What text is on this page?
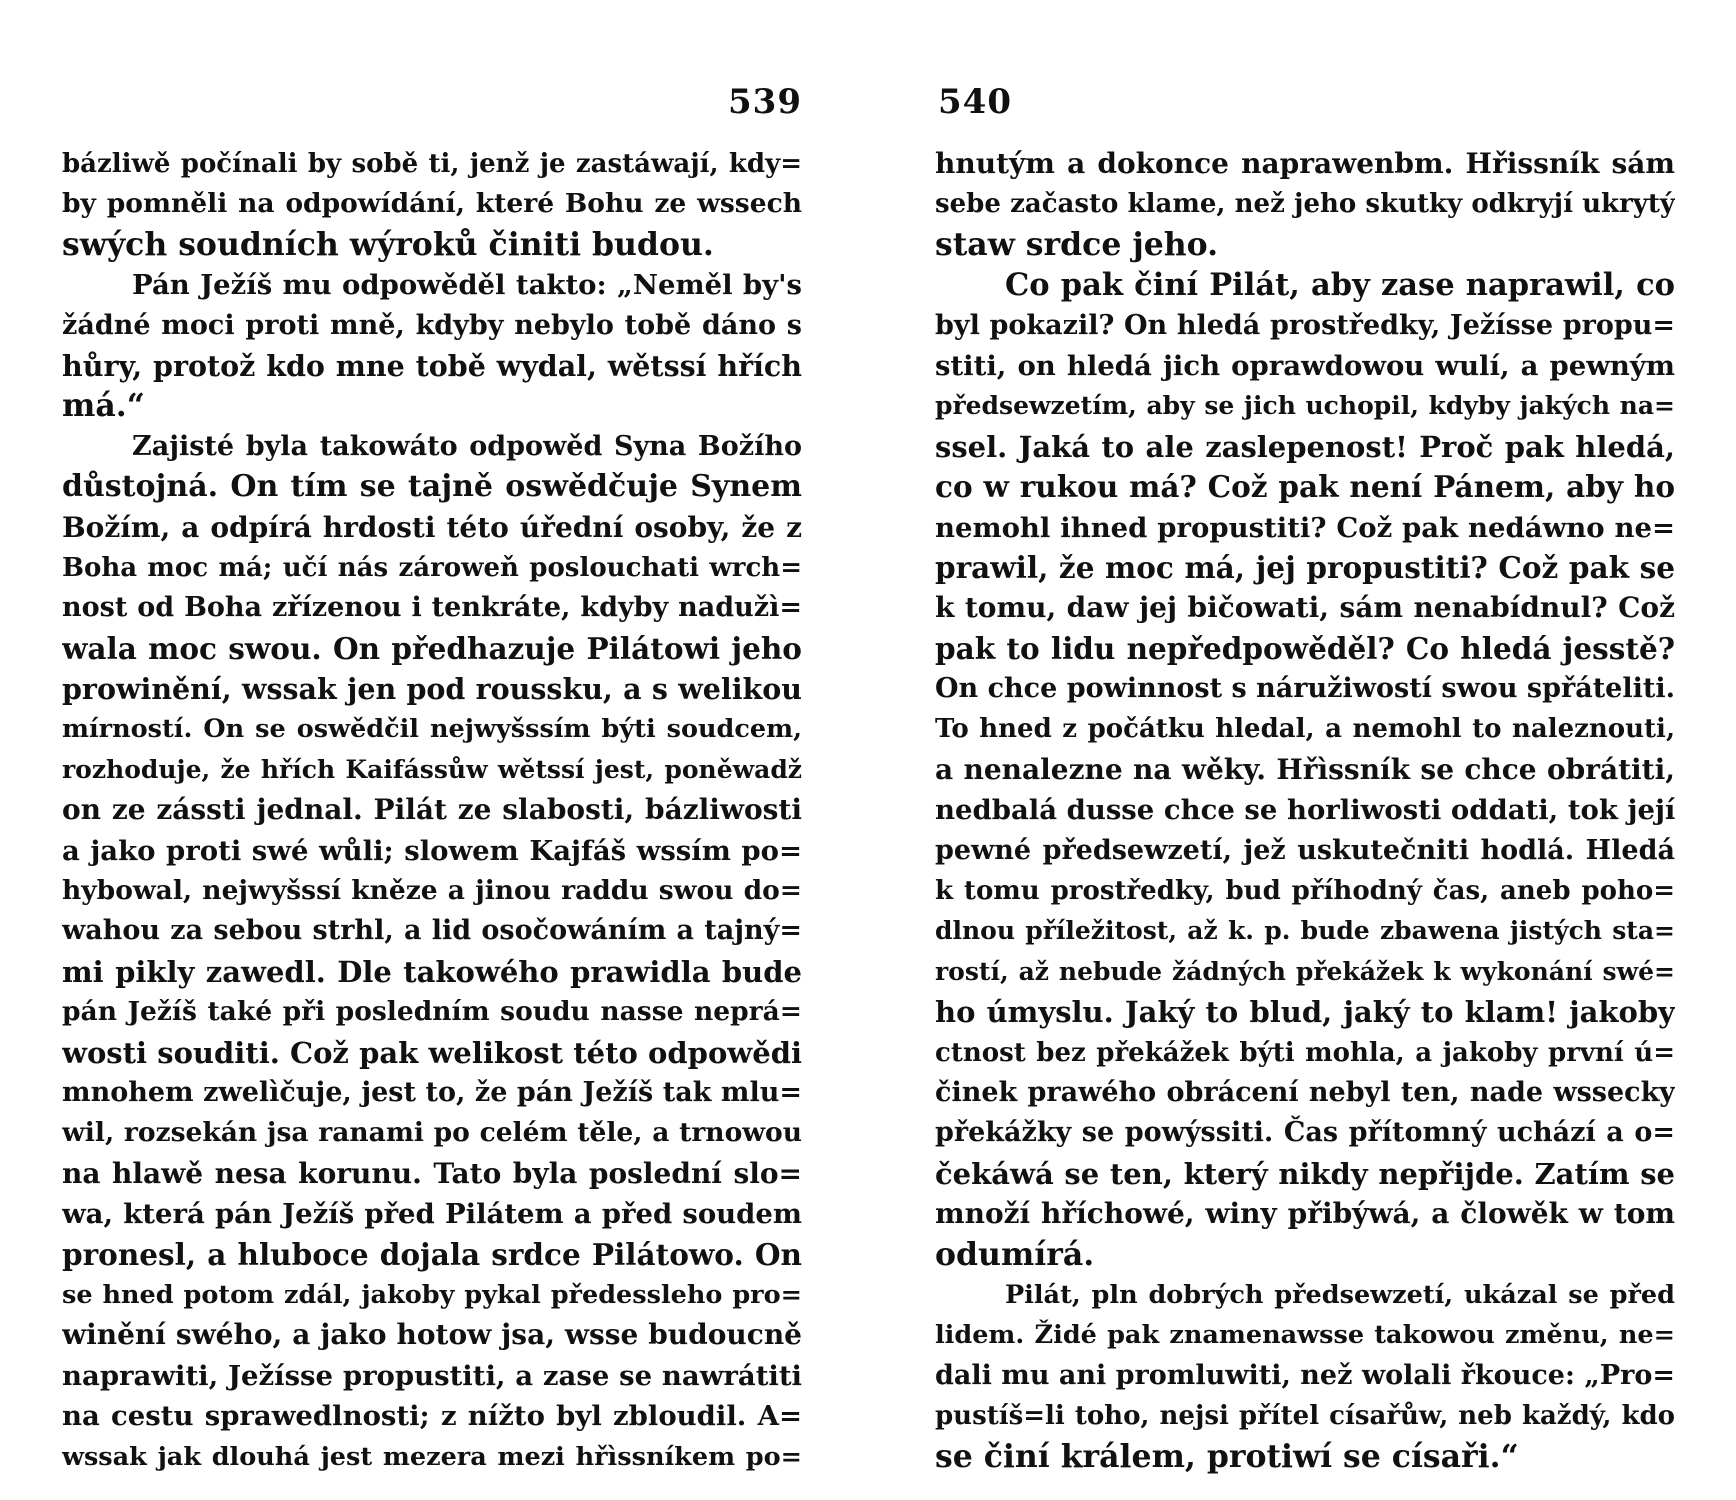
539
bázliwě počínali by sobě ti, jenž je zastáwají, kdy=
by pomněli na odpowídání, které Bohu ze wssech
swých soudních wýroků činiti budou.
Pán Ježíš mu odpowěděl takto: „Neměl by's
žádné moci proti mně, kdyby nebylo tobě dáno s
hůry, protož kdo mne tobě wydal, wětssí hřích
má.“
Zajisté byla takowáto odpowěd Syna Božího
důstojná. On tím se tajně oswědčuje Synem
Božím, a odpírá hrdosti této úřední osoby, že z
Boha moc má; učí nás zároweň poslouchati wrch=
nost od Boha zřízenou i tenkráte, kdyby nadužì=
wala moc swou. On předhazuje Pilátowi jeho
prowinění, wssak jen pod roussku, a s welikou
mírností. On se oswědčil nejwyšssím býti soudcem,
rozhoduje, že hřích Kaifássůw wětssí jest, poněwadž
on ze zássti jednal. Pilát ze slabosti, bázliwosti
a jako proti swé wůli; slowem Kajfáš wssím po=
hybowal, nejwyšssí kněze a jinou raddu swou do=
wahou za sebou strhl, a lid osočowáním a tajný=
mi pikly zawedl. Dle takowého prawidla bude
pán Ježíš také při posledním soudu nasse neprá=
wosti souditi. Což pak welikost této odpowědi
mnohem zwelìčuje, jest to, že pán Ježíš tak mlu=
wil, rozsekán jsa ranami po celém těle, a trnowou
na hlawě nesa korunu. Tato byla poslední slo=
wa, která pán Ježíš před Pilátem a před soudem
pronesl, a hluboce dojala srdce Pilátowo. On
se hned potom zdál, jakoby pykal předessleho pro=
winění swého, a jako hotow jsa, wsse budoucně
naprawiti, Ježísse propustiti, a zase se nawrátiti
na cestu sprawedlnosti; z nížto byl zbloudil. A=
wssak jak dlouhá jest mezera mezi hřìssníkem po=
540
hnutým a dokonce naprawenbm. Hřissník sám
sebe začasto klame, než jeho skutky odkryjí ukrytý
staw srdce jeho.
Co pak činí Pilát, aby zase naprawil, co
byl pokazil? On hledá prostředky, Ježísse propu=
stiti, on hledá jich oprawdowou wulí, a pewným
předsewzetím, aby se jich uchopil, kdyby jakých na=
ssel. Jaká to ale zaslepenost! Proč pak hledá,
co w rukou má? Což pak není Pánem, aby ho
nemohl ihned propustiti? Což pak nedáwno ne=
prawil, že moc má, jej propustiti? Což pak se
k tomu, daw jej bičowati, sám nenabídnul? Což
pak to lidu nepředpowěděl? Co hledá jesstě?
On chce powinnost s náružiwostí swou spřáteliti.
To hned z počátku hledal, a nemohl to naleznouti,
a nenalezne na wěky. Hřìssník se chce obrátiti,
nedbalá dusse chce se horliwosti oddati, tok její
pewné předsewzetí, jež uskutečniti hodlá. Hledá
k tomu prostředky, bud příhodný čas, aneb poho=
dlnou příležitost, až k. p. bude zbawena jistých sta=
rostí, až nebude žádných překážek k wykonání swé=
ho úmyslu. Jaký to blud, jaký to klam! jakoby
ctnost bez překážek býti mohla, a jakoby první ú=
činek prawého obrácení nebyl ten, nade wssecky
překážky se powýssiti. Čas přítomný uchází a o=
čekáwá se ten, který nikdy nepřijde. Zatím se
množí hříchowé, winy přibýwá, a člowěk w tom
odumírá.
Pilát, pln dobrých předsewzetí, ukázal se před
lidem. Židé pak znamenawsse takowou změnu, ne=
dali mu ani promluwiti, než wolali řkouce: „Pro=
pustíš=li toho, nejsi přítel císařůw, neb každý, kdo
se činí králem, protiwí se císaři.“
